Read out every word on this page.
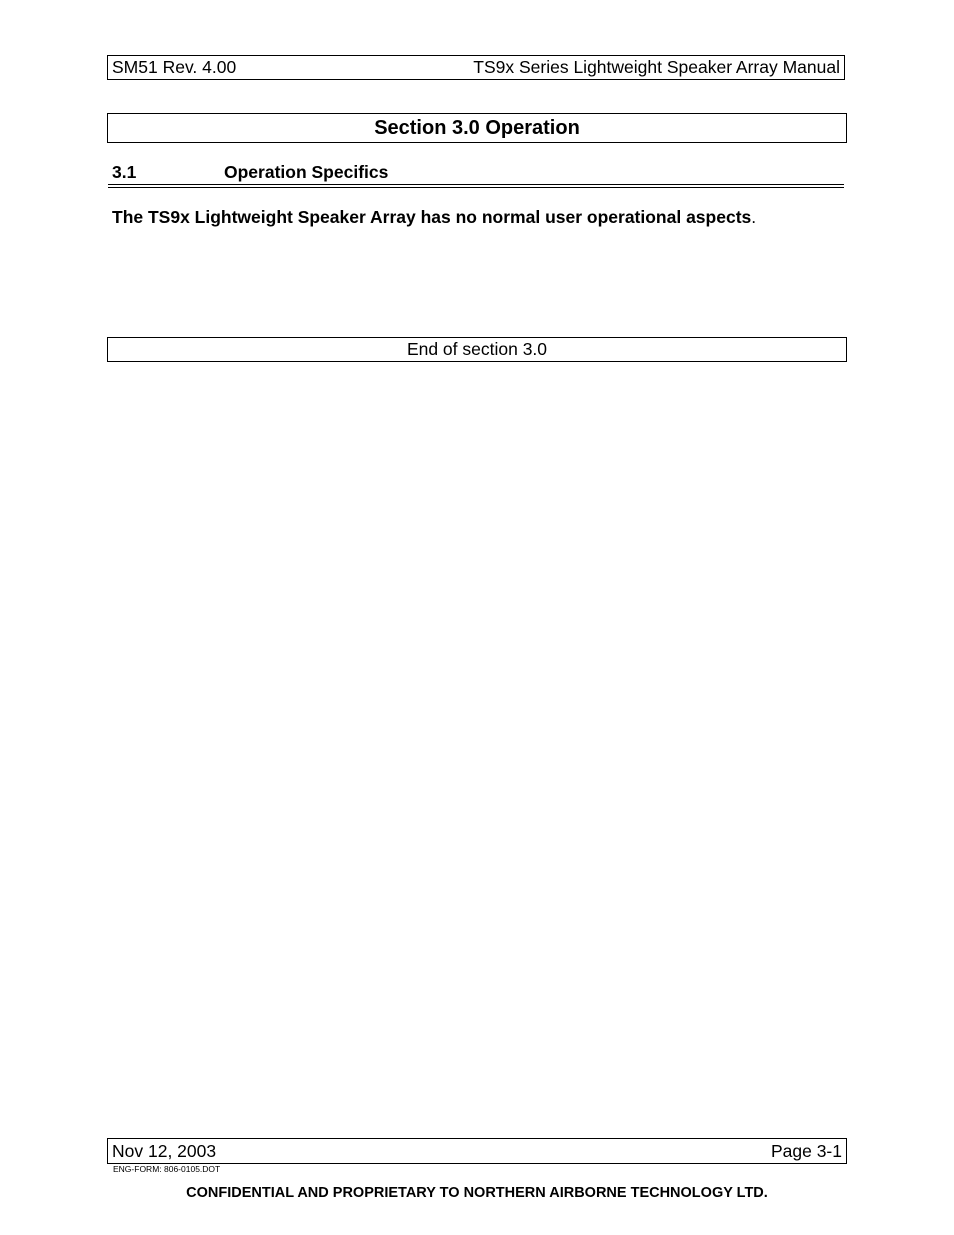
SM51 Rev. 4.00	TS9x Series Lightweight Speaker Array Manual
Section 3.0 Operation
3.1	Operation Specifics
The TS9x Lightweight Speaker Array has no normal user operational aspects.
End of section 3.0
Nov 12, 2003	Page 3-1
ENG-FORM: 806-0105.DOT
CONFIDENTIAL AND PROPRIETARY TO NORTHERN AIRBORNE TECHNOLOGY LTD.
